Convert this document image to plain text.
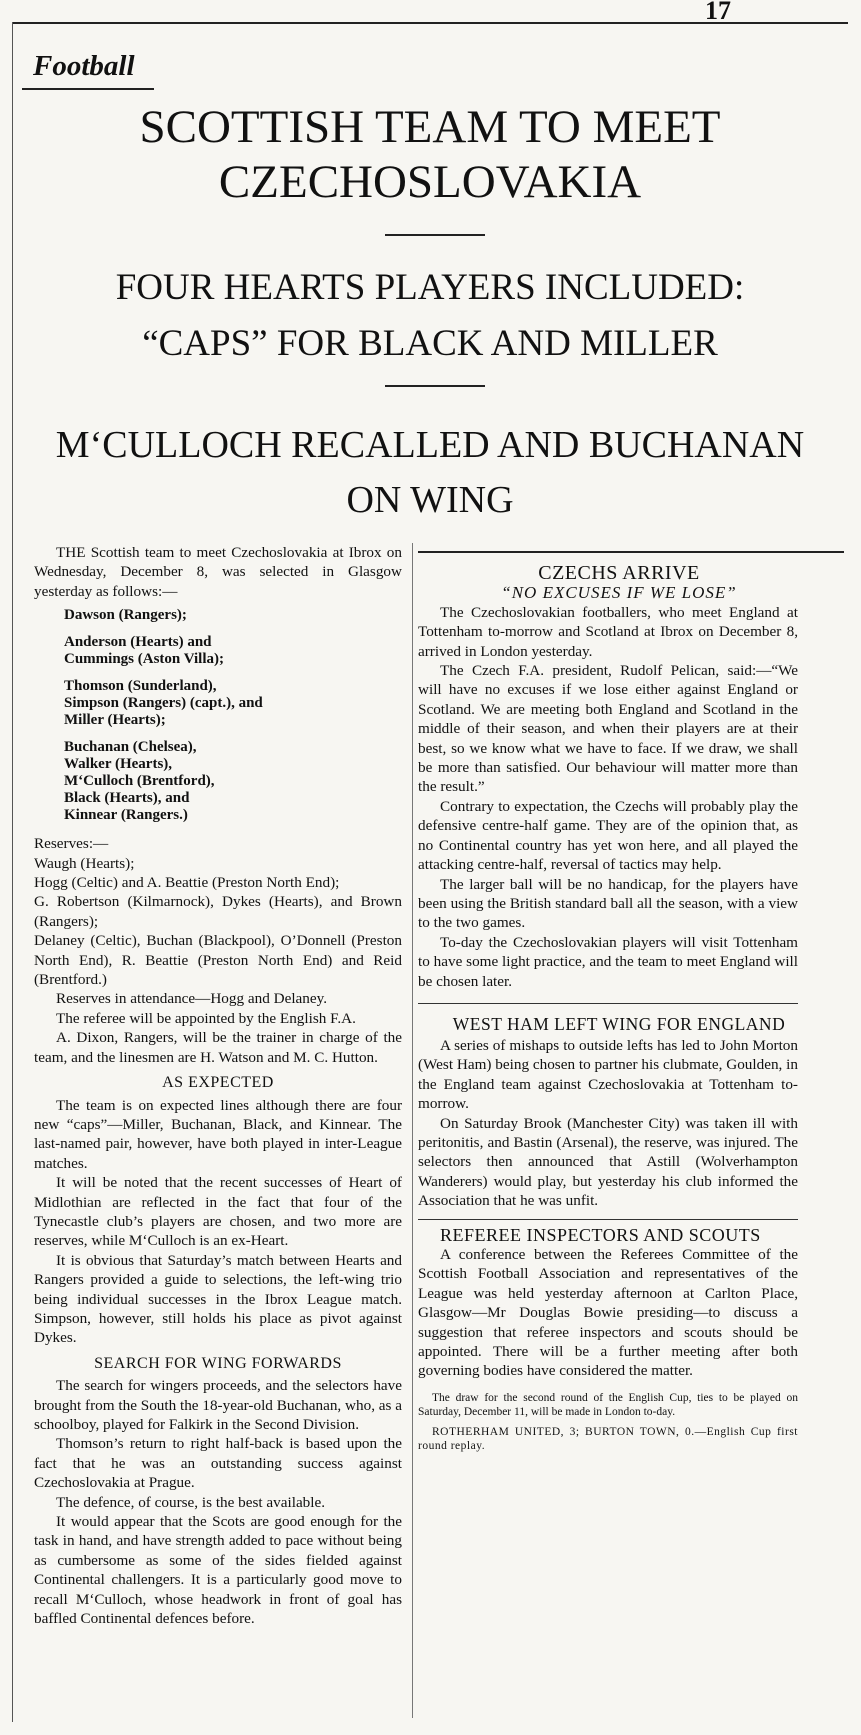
17
Football
SCOTTISH TEAM TO MEET
CZECHOSLOVAKIA
FOUR HEARTS PLAYERS INCLUDED:
“CAPS” FOR BLACK AND MILLER
M‘CULLOCH RECALLED AND BUCHANAN
ON WING

THE Scottish team to meet Czechoslovakia at Ibrox on Wednesday, December 8, was selected in Glasgow yesterday as follows:—

Dawson (Rangers);
Anderson (Hearts) and
Cummings (Aston Villa);
Thomson (Sunderland),
Simpson (Rangers) (capt.), and
Miller (Hearts);
Buchanan (Chelsea),
Walker (Hearts),
M‘Culloch (Brentford),
Black (Hearts), and
Kinnear (Rangers.)

Reserves:—

Waugh (Hearts);

Hogg (Celtic) and A. Beattie (Preston North End);

G. Robertson (Kilmarnock), Dykes (Hearts), and Brown (Rangers);

Delaney (Celtic), Buchan (Blackpool), O’Donnell (Preston North End), R. Beattie (Preston North End) and Reid (Brentford.)

Reserves in attendance—Hogg and Delaney.

The referee will be appointed by the English F.A.

A. Dixon, Rangers, will be the trainer in charge of the team, and the linesmen are H. Watson and M. C. Hutton.

AS EXPECTED

The team is on expected lines although there are four new “caps”—Miller, Buchanan, Black, and Kinnear. The last-named pair, however, have both played in inter-League matches.

It will be noted that the recent successes of Heart of Midlothian are reflected in the fact that four of the Tynecastle club’s players are chosen, and two more are reserves, while M‘Culloch is an ex-Heart.

It is obvious that Saturday’s match between Hearts and Rangers provided a guide to selections, the left-wing trio being individual successes in the Ibrox League match. Simpson, however, still holds his place as pivot against Dykes.

SEARCH FOR WING FORWARDS

The search for wingers proceeds, and the selectors have brought from the South the 18-year-old Buchanan, who, as a schoolboy, played for Falkirk in the Second Division.

Thomson’s return to right half-back is based upon the fact that he was an outstanding success against Czechoslovakia at Prague.

The defence, of course, is the best available.

It would appear that the Scots are good enough for the task in hand, and have strength added to pace without being as cumbersome as some of the sides fielded against Continental challengers. It is a particularly good move to recall M‘Culloch, whose headwork in front of goal has baffled Continental defences before.

CZECHS ARRIVE

“NO EXCUSES IF WE LOSE”

The Czechoslovakian footballers, who meet England at Tottenham to-morrow and Scotland at Ibrox on December 8, arrived in London yesterday.

The Czech F.A. president, Rudolf Pelican, said:—“We will have no excuses if we lose either against England or Scotland. We are meeting both England and Scotland in the middle of their season, and when their players are at their best, so we know what we have to face. If we draw, we shall be more than satisfied. Our behaviour will matter more than the result.”

Contrary to expectation, the Czechs will probably play the defensive centre-half game. They are of the opinion that, as no Continental country has yet won here, and all played the attacking centre-half, reversal of tactics may help.

The larger ball will be no handicap, for the players have been using the British standard ball all the season, with a view to the two games.

To-day the Czechoslovakian players will visit Tottenham to have some light practice, and the team to meet England will be chosen later.

WEST HAM LEFT WING FOR ENGLAND

A series of mishaps to outside lefts has led to John Morton (West Ham) being chosen to partner his clubmate, Goulden, in the England team against Czechoslovakia at Tottenham to-morrow.

On Saturday Brook (Manchester City) was taken ill with peritonitis, and Bastin (Arsenal), the reserve, was injured. The selectors then announced that Astill (Wolverhampton Wanderers) would play, but yesterday his club informed the Association that he was unfit.

REFEREE INSPECTORS AND SCOUTS

A conference between the Referees Committee of the Scottish Football Association and representatives of the League was held yesterday afternoon at Carlton Place, Glasgow—Mr Douglas Bowie presiding—to discuss a suggestion that referee inspectors and scouts should be appointed. There will be a further meeting after both governing bodies have considered the matter.

The draw for the second round of the English Cup, ties to be played on Saturday, December 11, will be made in London to-day.

ROTHERHAM UNITED, 3; BURTON TOWN, 0.—English Cup first round replay.
